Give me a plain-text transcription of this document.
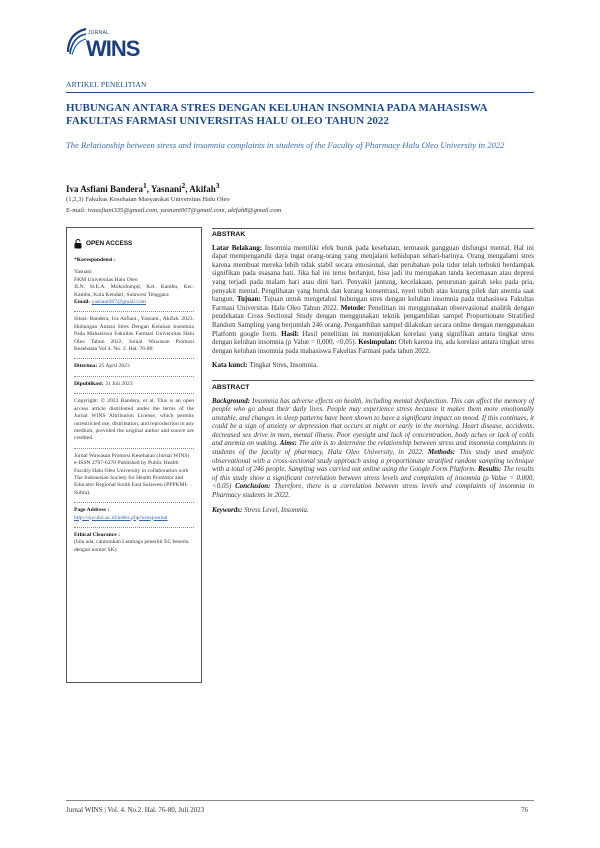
JURNAL
WINS
ARTIKEL PENELITIAN
HUBUNGAN ANTARA STRES DENGAN KELUHAN INSOMNIA PADA MAHASISWA FAKULTAS FARMASI UNIVERSITAS HALU OLEO TAHUN 2022
The Relationship between stress and insomnia complaints in students of the Faculty of Pharmacy Halu Oleo University in 2022
Iva Asfiani Bandera$^1$, Yasnani$^2$, Akifah$^3$
(1,2,3) Fakultas Kesehatan Masyarakat Universitas Halu Oleo
E-mail: ivaasfiani335@gmail.com, yasnani007@gmail.com, akifah8@gmail.com
OPEN ACCESS
*Korespondensi :
Yasnani
FKM Universitas Halu Oleo
JLN. H.E.A. Mokodompit, Kel. Kambu, Kec. Kambu, Kota Kendari, Sulawesi Tenggara
Email: yasnani007@gmail.com
Sitasi: Bandera, Iva Asfiani., Yasnani., Akifah. 2023. Hubungan Antara Stres Dengan Keluhan Insomnia Pada Mahasiswa Fakultas Farmasi Universitas Halu Oleo Tahun 2022. Jurnal Wawasan Promosi Kesehatan Vol 4. No. 2. Hal. 76-80.
Diterima: 25 April 2023
Dipublikasi: 31 Juli 2023
Copyright: © 2023 Bandera, et al. This is an open access article distributed under the terms of the Jurnal WINS Attribution License, which permits unrestricted use, distribution, and reproduction in any medium, provided the original author and source are credited.
Jurnal Wawasan Promosi Kesehatan (Jurnal WINS) e-ISSN 2797-6270 Published by Public Health Faculty Halu Oleo University in collaboration with The Indonesian Society for Health Promotor and Educator Regional South East Sulawesi (PPPKMI-Sultra).
Page Address :
http://ojs.uho.ac.id/index.php/winsjournal
Ethical Clearance :
(bila ada, cantumkan Lembaga penerbit EC beserta dengan nomor SK)
ABSTRAK

Latar Belakang: Insomnia memiliki efek buruk pada kesehatan, termasuk gangguan disfungsi mental. Hal ini dapat mempengaruhi daya ingat orang-orang yang menjalani kehidupan sehari-harinya. Orang mengalami stres karena membuat mereka lebih tidak stabil secara emosional, dan perubahan pola tidur telah terbukti berdampak signifikan pada suasana hati. Jika hal ini terus berlanjut, bisa jadi itu merupakan tanda kecemasan atau depresi yang terjadi pada malam hari atau dini hari. Penyakit jantung, kecelakaan, penurunan gairah seks pada pria, penyakit mental. Penglihatan yang buruk dan kurang konsentrasi, nyeri tubuh atau kurang pilek dan anemia saat bangun. Tujuan: Tujuan untuk mengetahui hubungan stres dengan keluhan insomnia pada mahasiswa Fakultas Farmasi Universitas Halu Oleo Tahun 2022. Metode: Penelitian ini menggunakan observasional analitik dengan pendekatan Cross Sectional Study dengan menggunakan teknik pengambilan sampel Proportionate Stratified Random Sampling yang berjumlah 246 orang. Pengambilan sampel dilakukan secara online dengan menggunakan Platform google form. Hasil: Hasil penelitian ini menunjukkan korelasi yang signifikan antara tingkat stres dengan keluhan insomnia (ρ Value = 0,000, <0,05). Kesimpulan: Oleh karena itu, ada korelasi antara tingkat stres dengan keluhan insomnia pada mahasiswa Fakultas Farmasi pada tahun 2022.

Kata kunci: Tingkat Stres, Insomnia.

ABSTRACT

Background: Insomnia has adverse effects on health, including mental dysfunction. This can affect the memory of people who go about their daily lives. People may experience stress because it makes them more emotionally unstable, and changes in sleep patterns have been shown to have a significant impact on mood. If this continues, it could be a sign of anxiety or depression that occurs at night or early in the morning. Heart disease, accidents, decreased sex drive in men, mental illness. Poor eyesight and lack of concentration, body aches or lack of colds and anemia on waking. Aims: The aim is to determine the relationship between stress and insomnia complaints in students of the faculty of pharmacy, Halu Oleo University, in 2022. Methods: This study used analytic observational with a cross-sectional study approach using a proportionate stratified random sampling technique with a total of 246 people. Sampling was carried out online using the Google Form Platform. Results: The results of this study show a significant correlation between stress levels and complaints of insomnia (ρ Value = 0.000, <0.05) Conclusion: Therefore, there is a correlation between stress levels and complaints of insomnia in Pharmacy students in 2022.

Keywords: Stress Level, Insomnia.

Jurnal WINS | Vol. 4. No.2. Hal. 76-80, Juli 2023	76
